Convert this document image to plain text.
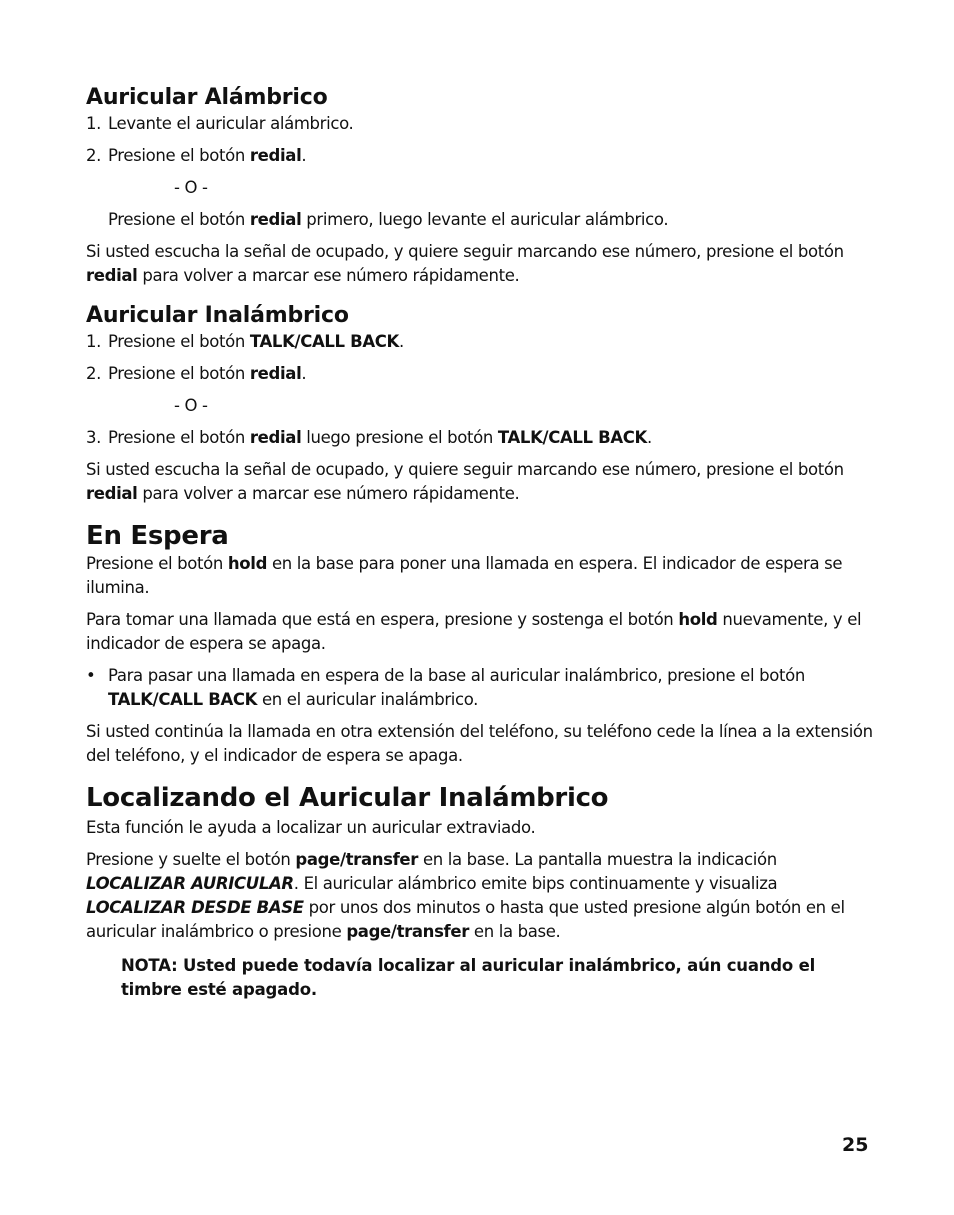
Auricular Alámbrico
1. Levante el auricular alámbrico.
2. Presione el botón redial.
- O -
Presione el botón redial primero, luego levante el auricular alámbrico.
Si usted escucha la señal de ocupado, y quiere seguir marcando ese número, presione el botón
redial para volver a marcar ese número rápidamente.
Auricular Inalámbrico
1. Presione el botón TALK/CALL BACK.
2. Presione el botón redial.
- O -
3. Presione el botón redial luego presione el botón TALK/CALL BACK.
Si usted escucha la señal de ocupado, y quiere seguir marcando ese número, presione el botón
redial para volver a marcar ese número rápidamente.
En Espera
Presione el botón hold en la base para poner una llamada en espera. El indicador de espera se ilumina.
Para tomar una llamada que está en espera, presione y sostenga el botón hold nuevamente, y el indicador de espera se apaga.
• Para pasar una llamada en espera de la base al auricular inalámbrico, presione el botón
TALK/CALL BACK en el auricular inalámbrico.
Si usted continúa la llamada en otra extensión del teléfono, su teléfono cede la línea a la extensión del teléfono, y el indicador de espera se apaga.
Localizando el Auricular Inalámbrico
Esta función le ayuda a localizar un auricular extraviado.
Presione y suelte el botón page/transfer en la base. La pantalla muestra la indicación
LOCALIZAR AURICULAR. El auricular alámbrico emite bips continuamente y visualiza
LOCALIZAR DESDE BASE por unos dos minutos o hasta que usted presione algún botón en el auricular inalámbrico o presione page/transfer en la base.
NOTA: Usted puede todavía localizar al auricular inalámbrico, aún cuando el timbre esté apagado.
25
